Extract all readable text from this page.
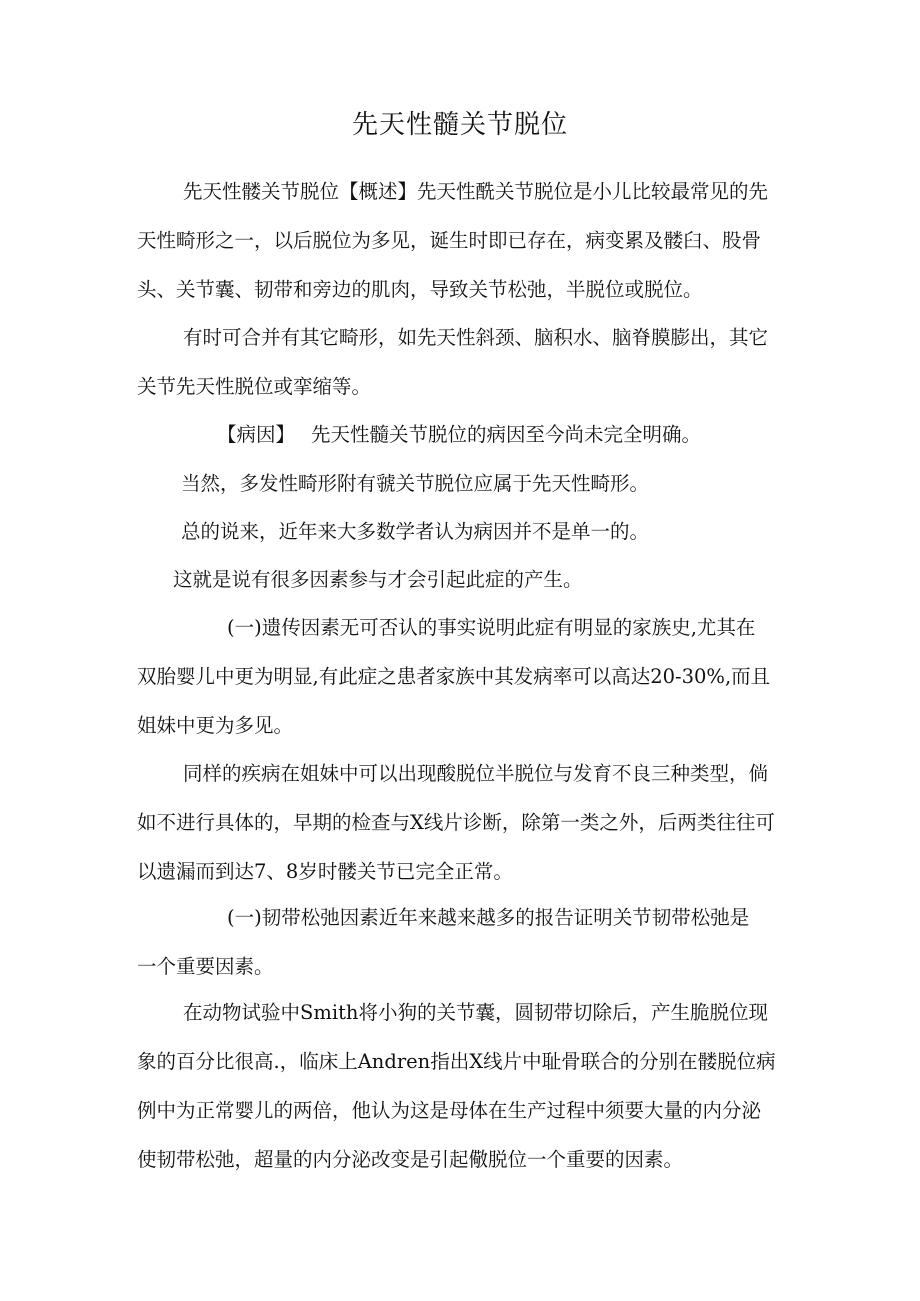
先天性髓关节脱位
先天性髅关节脱位【概述】先天性酰关节脱位是小儿比较最常见的先
天性畸形之一，以后脱位为多见，诞生时即已存在，病变累及髅臼、股骨
头、关节囊、韧带和旁边的肌肉，导致关节松弛，半脱位或脱位。
有时可合并有其它畸形，如先天性斜颈、脑积水、脑脊膜膨出，其它
关节先天性脱位或挛缩等。
【病因】　 先天性髓关节脱位的病因至今尚未完全明确。
当然，多发性畸形附有虢关节脱位应属于先天性畸形。
总的说来，近年来大多数学者认为病因并不是单一的。
这就是说有很多因素参与才会引起此症的产生。
(一)遗传因素无可否认的事实说明此症有明显的家族史,尤其在
双胎婴儿中更为明显,有此症之患者家族中其发病率可以高达20-30%,而且
姐妹中更为多见。
同样的疾病在姐妹中可以出现酸脱位半脱位与发育不良三种类型，倘
如不进行具体的，早期的检查与X线片诊断，除第一类之外，后两类往往可
以遗漏而到达7、8岁时髅关节已完全正常。
(一)韧带松弛因素近年来越来越多的报告证明关节韧带松弛是
一个重要因素。
在动物试验中Smith将小狗的关节囊，圆韧带切除后，产生脆脱位现
象的百分比很高.，临床上Andren指出X线片中耻骨联合的分别在髅脱位病
例中为正常婴儿的两倍，他认为这是母体在生产过程中须要大量的内分泌
使韧带松弛，超量的内分泌改变是引起儆脱位一个重要的因素。
